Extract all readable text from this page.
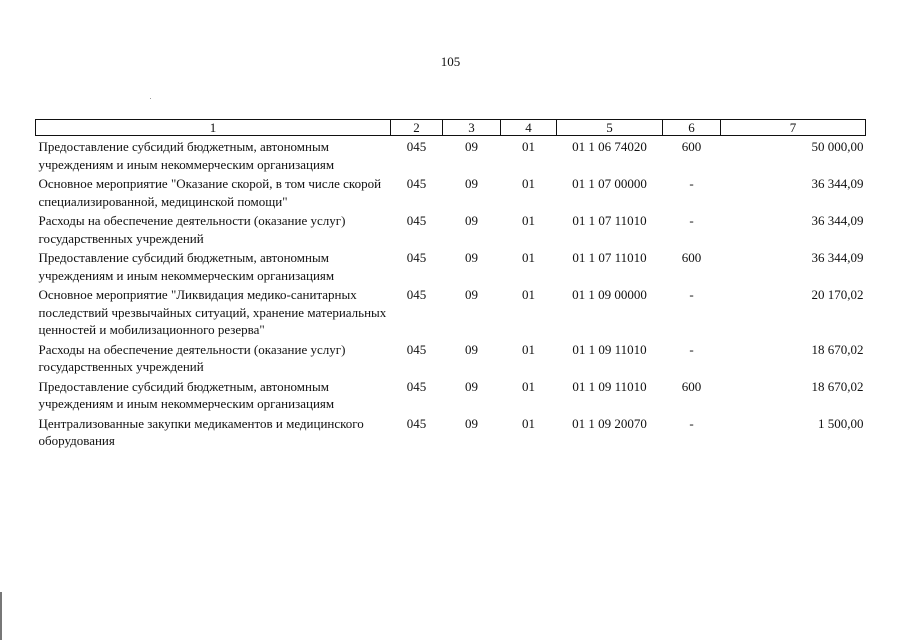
105
1	2	3	4	5	6	7
Предоставление субсидий бюджетным, автономным учреждениям и иным некоммерческим организациям	045	09	01	01 1 06 74020	600	50 000,00
Основное мероприятие "Оказание скорой, в том числе скорой специализированной, медицинской помощи"	045	09	01	01 1 07 00000	-	36 344,09
Расходы на обеспечение деятельности (оказание услуг) государственных учреждений	045	09	01	01 1 07 11010	-	36 344,09
Предоставление субсидий бюджетным, автономным учреждениям и иным некоммерческим организациям	045	09	01	01 1 07 11010	600	36 344,09
Основное мероприятие "Ликвидация медико-санитарных последствий чрезвычайных ситуаций, хранение материальных ценностей и мобилизационного резерва"	045	09	01	01 1 09 00000	-	20 170,02
Расходы на обеспечение деятельности (оказание услуг) государственных учреждений	045	09	01	01 1 09 11010	-	18 670,02
Предоставление субсидий бюджетным, автономным учреждениям и иным некоммерческим организациям	045	09	01	01 1 09 11010	600	18 670,02
Централизованные закупки медикаментов и медицинского оборудования	045	09	01	01 1 09 20070	-	1 500,00
